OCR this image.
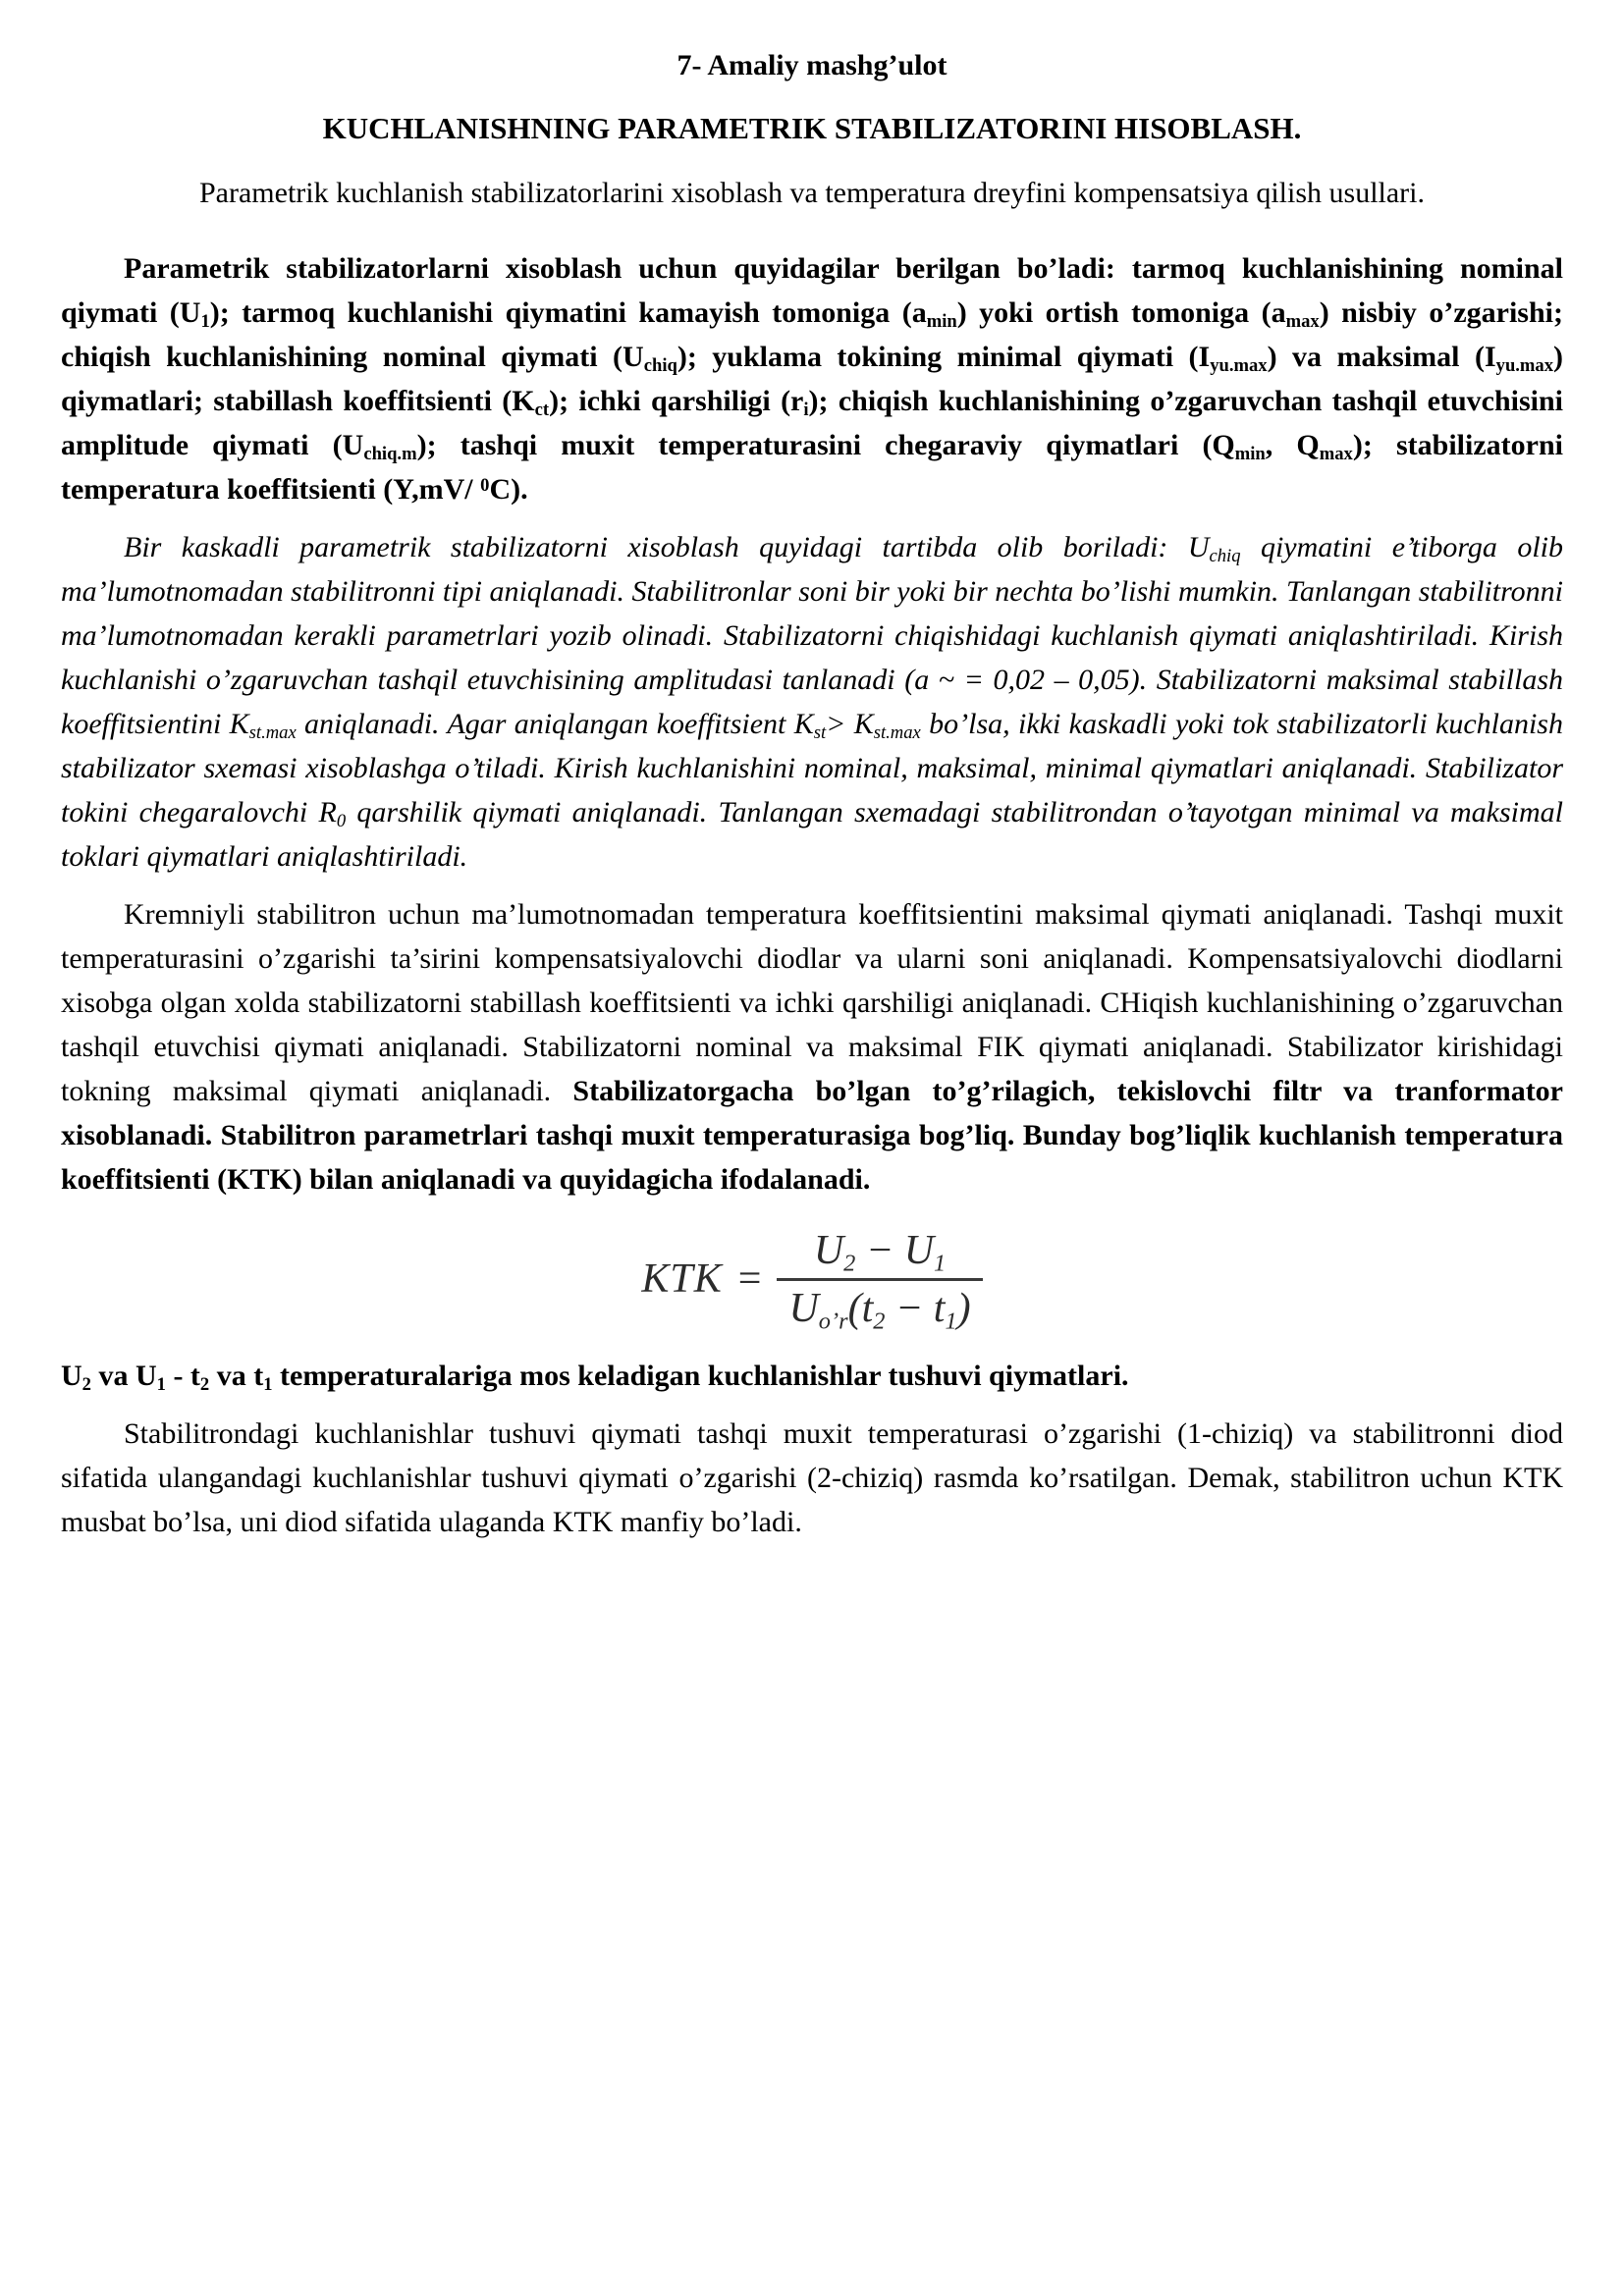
7- Amaliy mashg’ulot
KUCHLANISHNING PARAMETRIK STABILIZATORINI HISOBLASH.
Parametrik kuchlanish stabilizatorlarini xisoblash va temperatura dreyfini kompensatsiya qilish usullari.

Parametrik stabilizatorlarni xisoblash uchun quyidagilar berilgan bo’ladi: tarmoq kuchlanishining nominal qiymati $(U_1)$; tarmoq kuchlanishi qiymatini kamayish tomoniga $(a_{min})$ yoki ortish tomoniga $(a_{max})$ nisbiy o’zgarishi; chiqish kuchlanishining nominal qiymati $(U_{chiq})$; yuklama tokining minimal qiymati $(I_{yu.max})$ va maksimal $(I_{yu.max})$ qiymatlari; stabillash koeffitsienti $(K_{ct})$; ichki qarshiligi $(r_i)$; chiqish kuchlanishining o’zgaruvchan tashqil etuvchisini amplitude qiymati $(U_{chiq.m})$; tashqi muxit temperaturasini chegaraviy qiymatlari ($Q_{min}$, $Q_{max}$); stabilizatorni temperatura koeffitsienti (Y,mV/ $^0$C).

Bir kaskadli parametrik stabilizatorni xisoblash quyidagi tartibda olib boriladi: $U_{chiq}$ qiymatini e’tiborga olib ma’lumotnomadan stabilitronni tipi aniqlanadi. Stabilitronlar soni bir yoki bir nechta bo’lishi mumkin. Tanlangan stabilitronni ma’lumotnomadan kerakli parametrlari yozib olinadi. Stabilizatorni chiqishidagi kuchlanish qiymati aniqlashtiriladi. Kirish kuchlanishi o’zgaruvchan tashqil etuvchisining amplitudasi tanlanadi (a ~ = 0,02 – 0,05). Stabilizatorni maksimal stabillash koeffitsientini $K_{st.max}$ aniqlanadi. Agar aniqlangan koeffitsient $K_{st}> K_{st.max}$ bo’lsa, ikki kaskadli yoki tok stabilizatorli kuchlanish stabilizator sxemasi xisoblashga o’tiladi. Kirish kuchlanishini nominal, maksimal, minimal qiymatlari aniqlanadi. Stabilizator tokini chegaralovchi $R_0$ qarshilik qiymati aniqlanadi. Tanlangan sxemadagi stabilitrondan o’tayotgan minimal va maksimal toklari qiymatlari aniqlashtiriladi.

Kremniyli stabilitron uchun ma’lumotnomadan temperatura koeffitsientini maksimal qiymati aniqlanadi. Tashqi muxit temperaturasini o’zgarishi ta’sirini kompensatsiyalovchi diodlar va ularni soni aniqlanadi. Kompensatsiyalovchi diodlarni xisobga olgan xolda stabilizatorni stabillash koeffitsienti va ichki qarshiligi aniqlanadi. CHiqish kuchlanishining o’zgaruvchan tashqil etuvchisi qiymati aniqlanadi. Stabilizatorni nominal va maksimal FIK qiymati aniqlanadi. Stabilizator kirishidagi tokning maksimal qiymati aniqlanadi. Stabilizatorgacha bo’lgan to’g’rilagich, tekislovchi filtr va tranformator xisoblanadi. Stabilitron parametrlari tashqi muxit temperaturasiga bog’liq. Bunday bog’liqlik kuchlanish temperatura koeffitsienti (KTK) bilan aniqlanadi va quyidagicha ifodalanadi.

KTK = $\frac{U_2 - U_1}{U_{o’r}(t_2 - t_1)}$

$U_2$ va $U_1 - t_2$ va $t_1$ temperaturalariga mos keladigan kuchlanishlar tushuvi qiymatlari.

Stabilitrondagi kuchlanishlar tushuvi qiymati tashqi muxit temperaturasi o’zgarishi (1-chiziq) va stabilitronni diod sifatida ulangandagi kuchlanishlar tushuvi qiymati o’zgarishi (2-chiziq) rasmda ko’rsatilgan. Demak, stabilitron uchun KTK musbat bo’lsa, uni diod sifatida ulaganda KTK manfiy bo’ladi.
